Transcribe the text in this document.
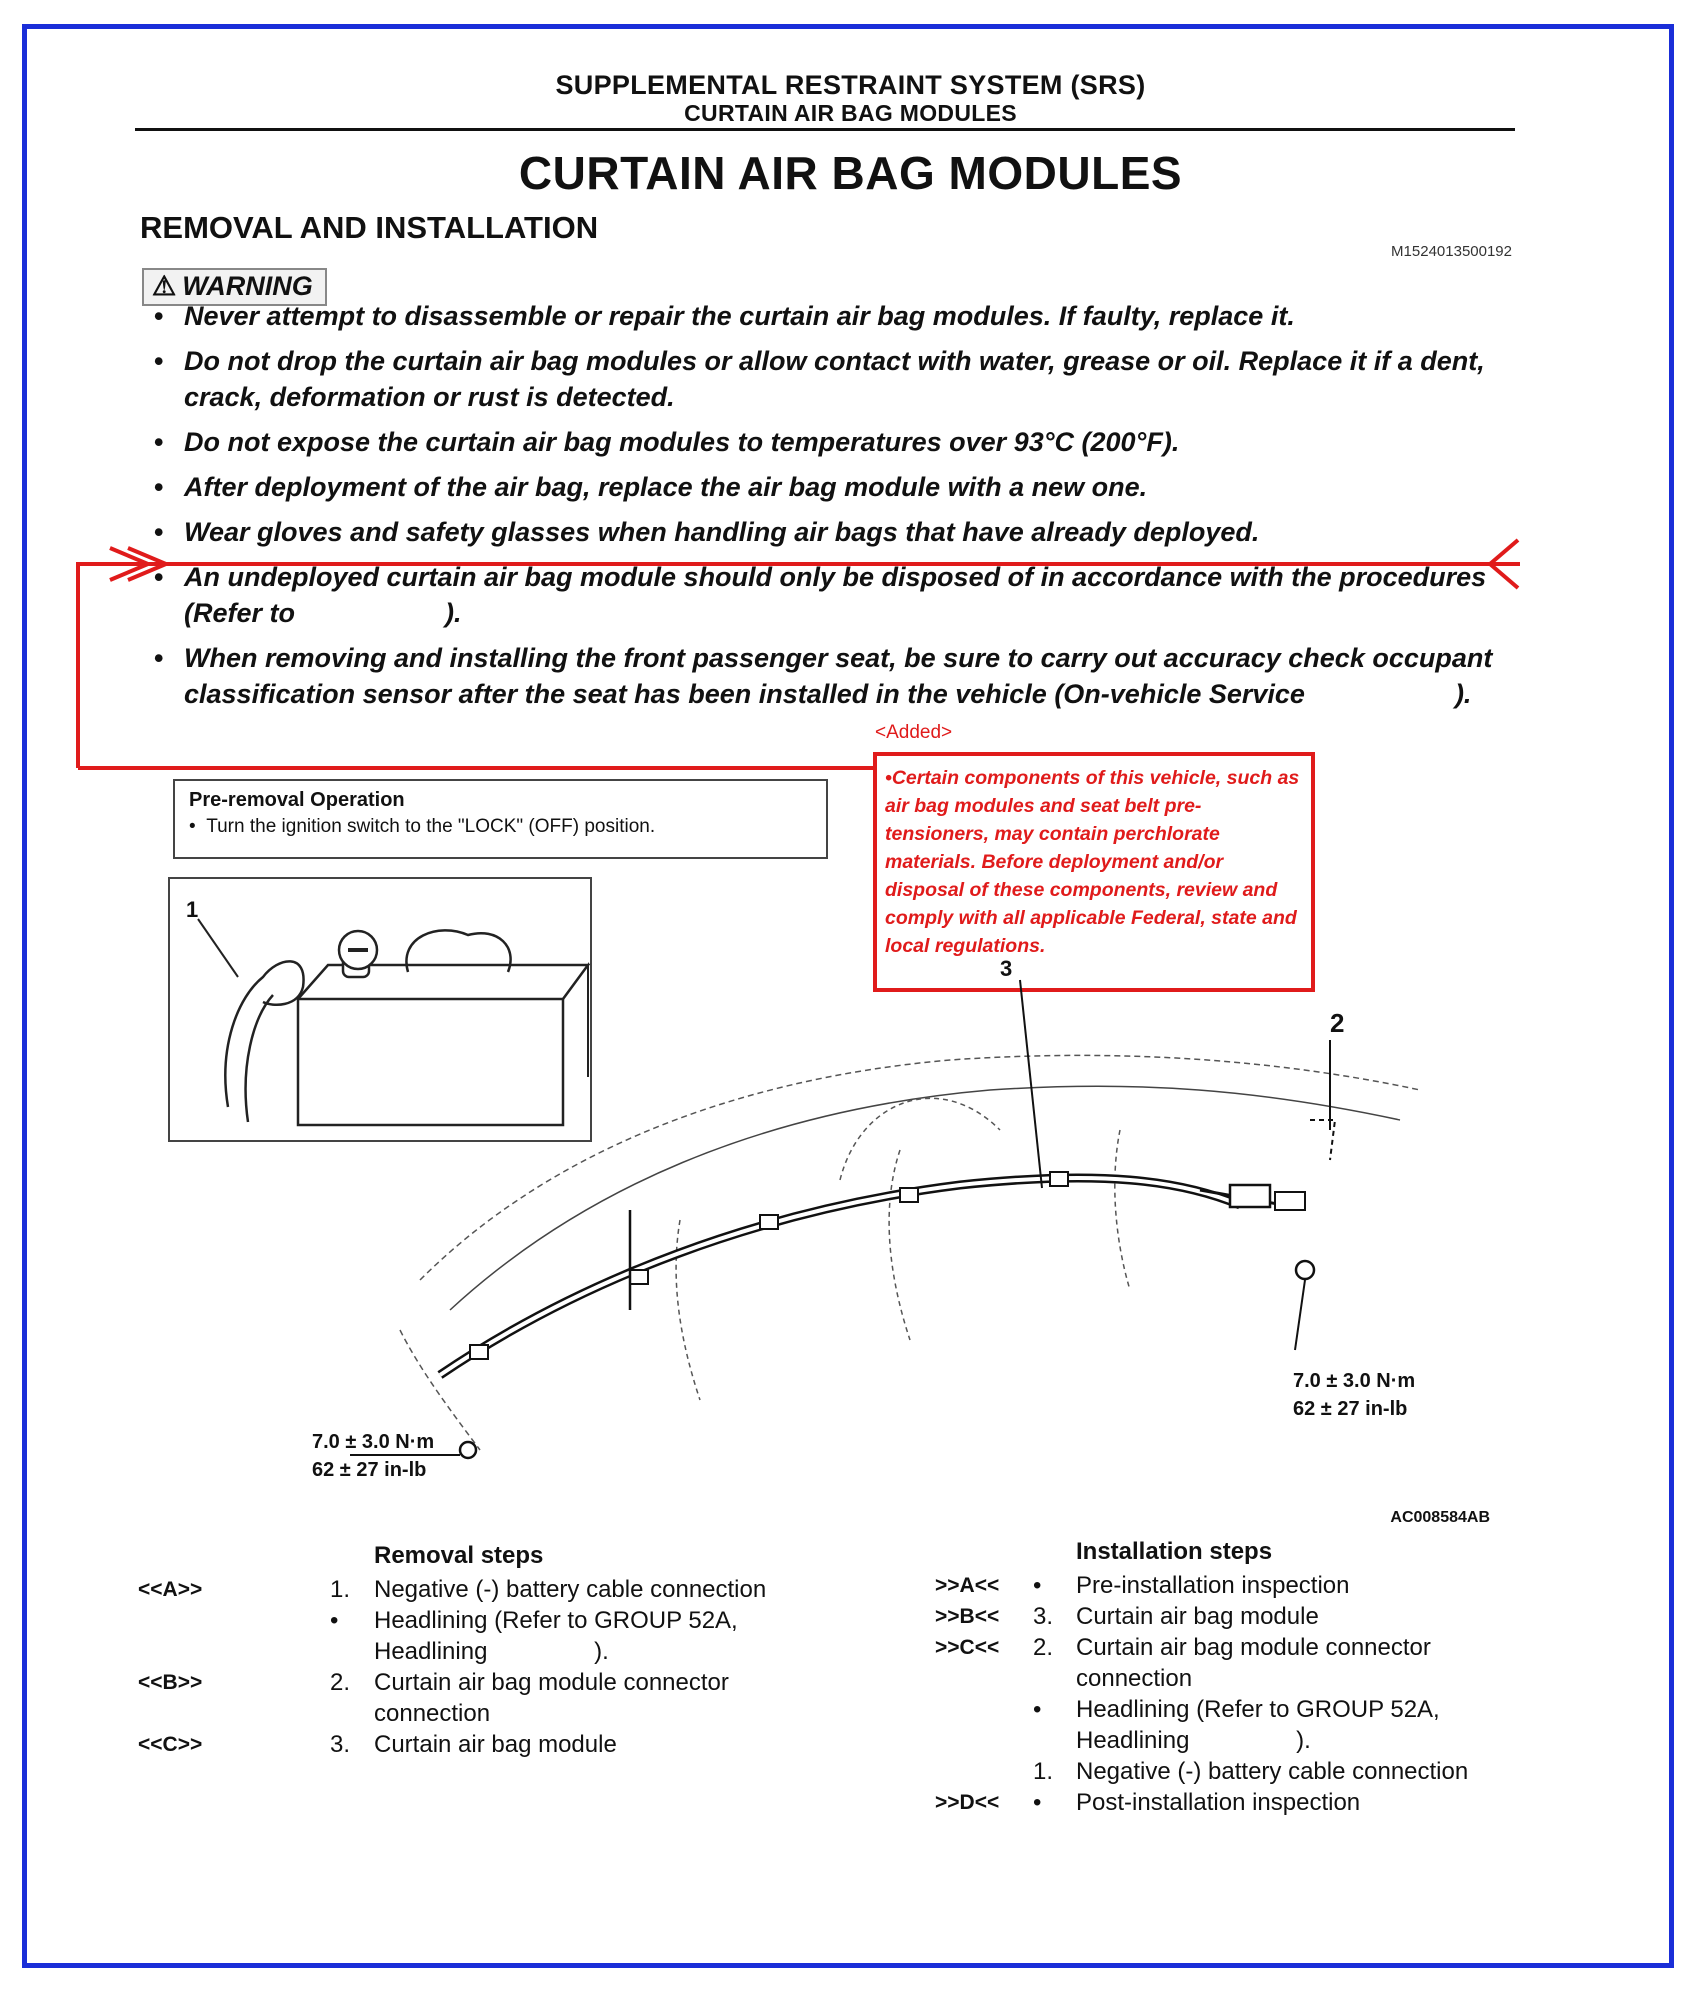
SUPPLEMENTAL RESTRAINT SYSTEM (SRS)
CURTAIN AIR BAG MODULES
CURTAIN AIR BAG MODULES
REMOVAL AND INSTALLATION
M1524013500192
⚠ WARNING
• Never attempt to disassemble or repair the curtain air bag modules. If faulty, replace it.
• Do not drop the curtain air bag modules or allow contact with water, grease or oil. Replace it if a dent, crack, deformation or rust is detected.
• Do not expose the curtain air bag modules to temperatures over 93°C (200°F).
• After deployment of the air bag, replace the air bag module with a new one.
• Wear gloves and safety glasses when handling air bags that have already deployed.
• An undeployed curtain air bag module should only be disposed of in accordance with the procedures (Refer to	).
• When removing and installing the front passenger seat, be sure to carry out accuracy check occupant classification sensor after the seat has been installed in the vehicle (On-vehicle Service	).
<Added>
•Certain components of this vehicle, such as air bag modules and seat belt pre-tensioners, may contain perchlorate materials. Before deployment and/or disposal of these components, review and comply with all applicable Federal, state and local regulations.
Pre-removal Operation
•  Turn the ignition switch to the "LOCK" (OFF) position.
1
2
3
7.0 ± 3.0 N·m
62 ± 27 in-lb
7.0 ± 3.0 N·m
62 ± 27 in-lb
AC008584AB
Removal steps
<<A>>	1. Negative (-) battery cable connection
• Headlining (Refer to GROUP 52A,
Headlining                ).
<<B>>	2. Curtain air bag module connector
connection
<<C>>	3. Curtain air bag module
Installation steps
>>A<< • Pre-installation inspection
>>B<< 3. Curtain air bag module
>>C<< 2. Curtain air bag module connector
connection
• Headlining (Refer to GROUP 52A,
Headlining                ).
1. Negative (-) battery cable connection
>>D<< • Post-installation inspection
